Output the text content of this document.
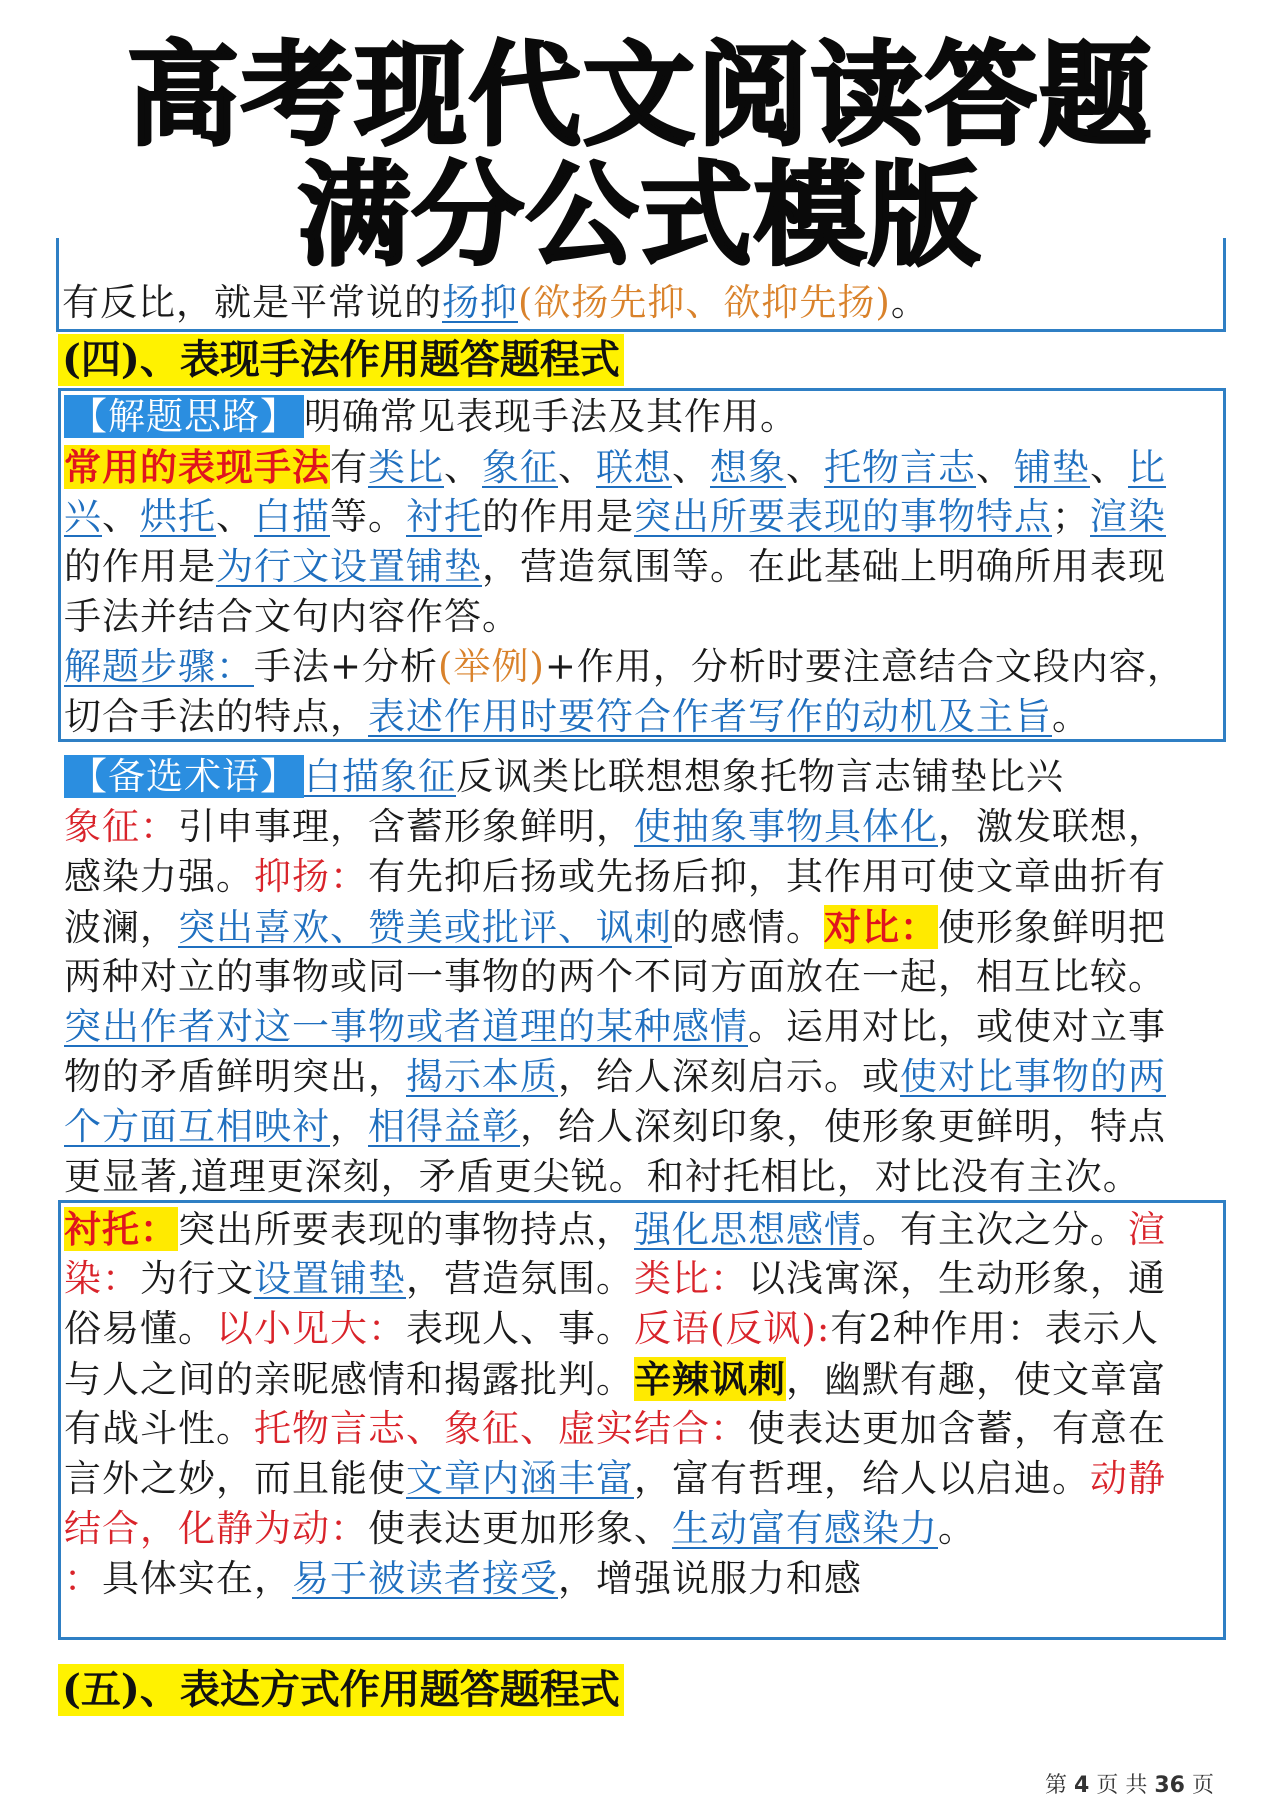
高考现代文阅读答题
满分公式模版
有反比，就是平常说的扬抑(欲扬先抑、欲抑先扬)。
(四)、表现手法作用题答题程式
【解题思路】 明确常见表现手法及其作用。
常用的表现手法有类比、象征、联想、想象、托物言志、铺垫、比
兴、烘托、白描等。衬托的作用是突出所要表现的事物特点；渲染
的作用是为行文设置铺垫，营造氛围等。在此基础上明确所用表现
手法并结合文句内容作答。
解题步骤：手法+分析(举例)+作用，分析时要注意结合文段内容，
切合手法的特点，表述作用时要符合作者写作的动机及主旨。
【备选术语】 白描象征反讽类比联想想象托物言志铺垫比兴
象征：引申事理，含蓄形象鲜明，使抽象事物具体化，激发联想，
感染力强。抑扬：有先抑后扬或先扬后抑，其作用可使文章曲折有
波澜，突出喜欢、赞美或批评、讽刺的感情。对比：使形象鲜明把
两种对立的事物或同一事物的两个不同方面放在一起，相互比较。
突出作者对这一事物或者道理的某种感情。运用对比，或使对立事
物的矛盾鲜明突出，揭示本质，给人深刻启示。或使对比事物的两
个方面互相映衬，相得益彰，给人深刻印象，使形象更鲜明，特点
更显著,道理更深刻，矛盾更尖锐。和衬托相比，对比没有主次。
衬托：突出所要表现的事物持点，强化思想感情。有主次之分。渲
染：为行文设置铺垫，营造氛围。类比：以浅寓深，生动形象，通
俗易懂。以小见大：表现人、事。反语(反讽):有2种作用：表示人
与人之间的亲昵感情和揭露批判。辛辣讽刺，幽默有趣，使文章富
有战斗性。托物言志、象征、虚实结合：使表达更加含蓄，有意在
言外之妙，而且能使文章内涵丰富，富有哲理，给人以启迪。动静
结合，化静为动：使表达更加形象、生动富有感染力。
：具体实在，易于被读者接受，增强说服力和感
(五)、表达方式作用题答题程式
第 4 页 共 36 页
